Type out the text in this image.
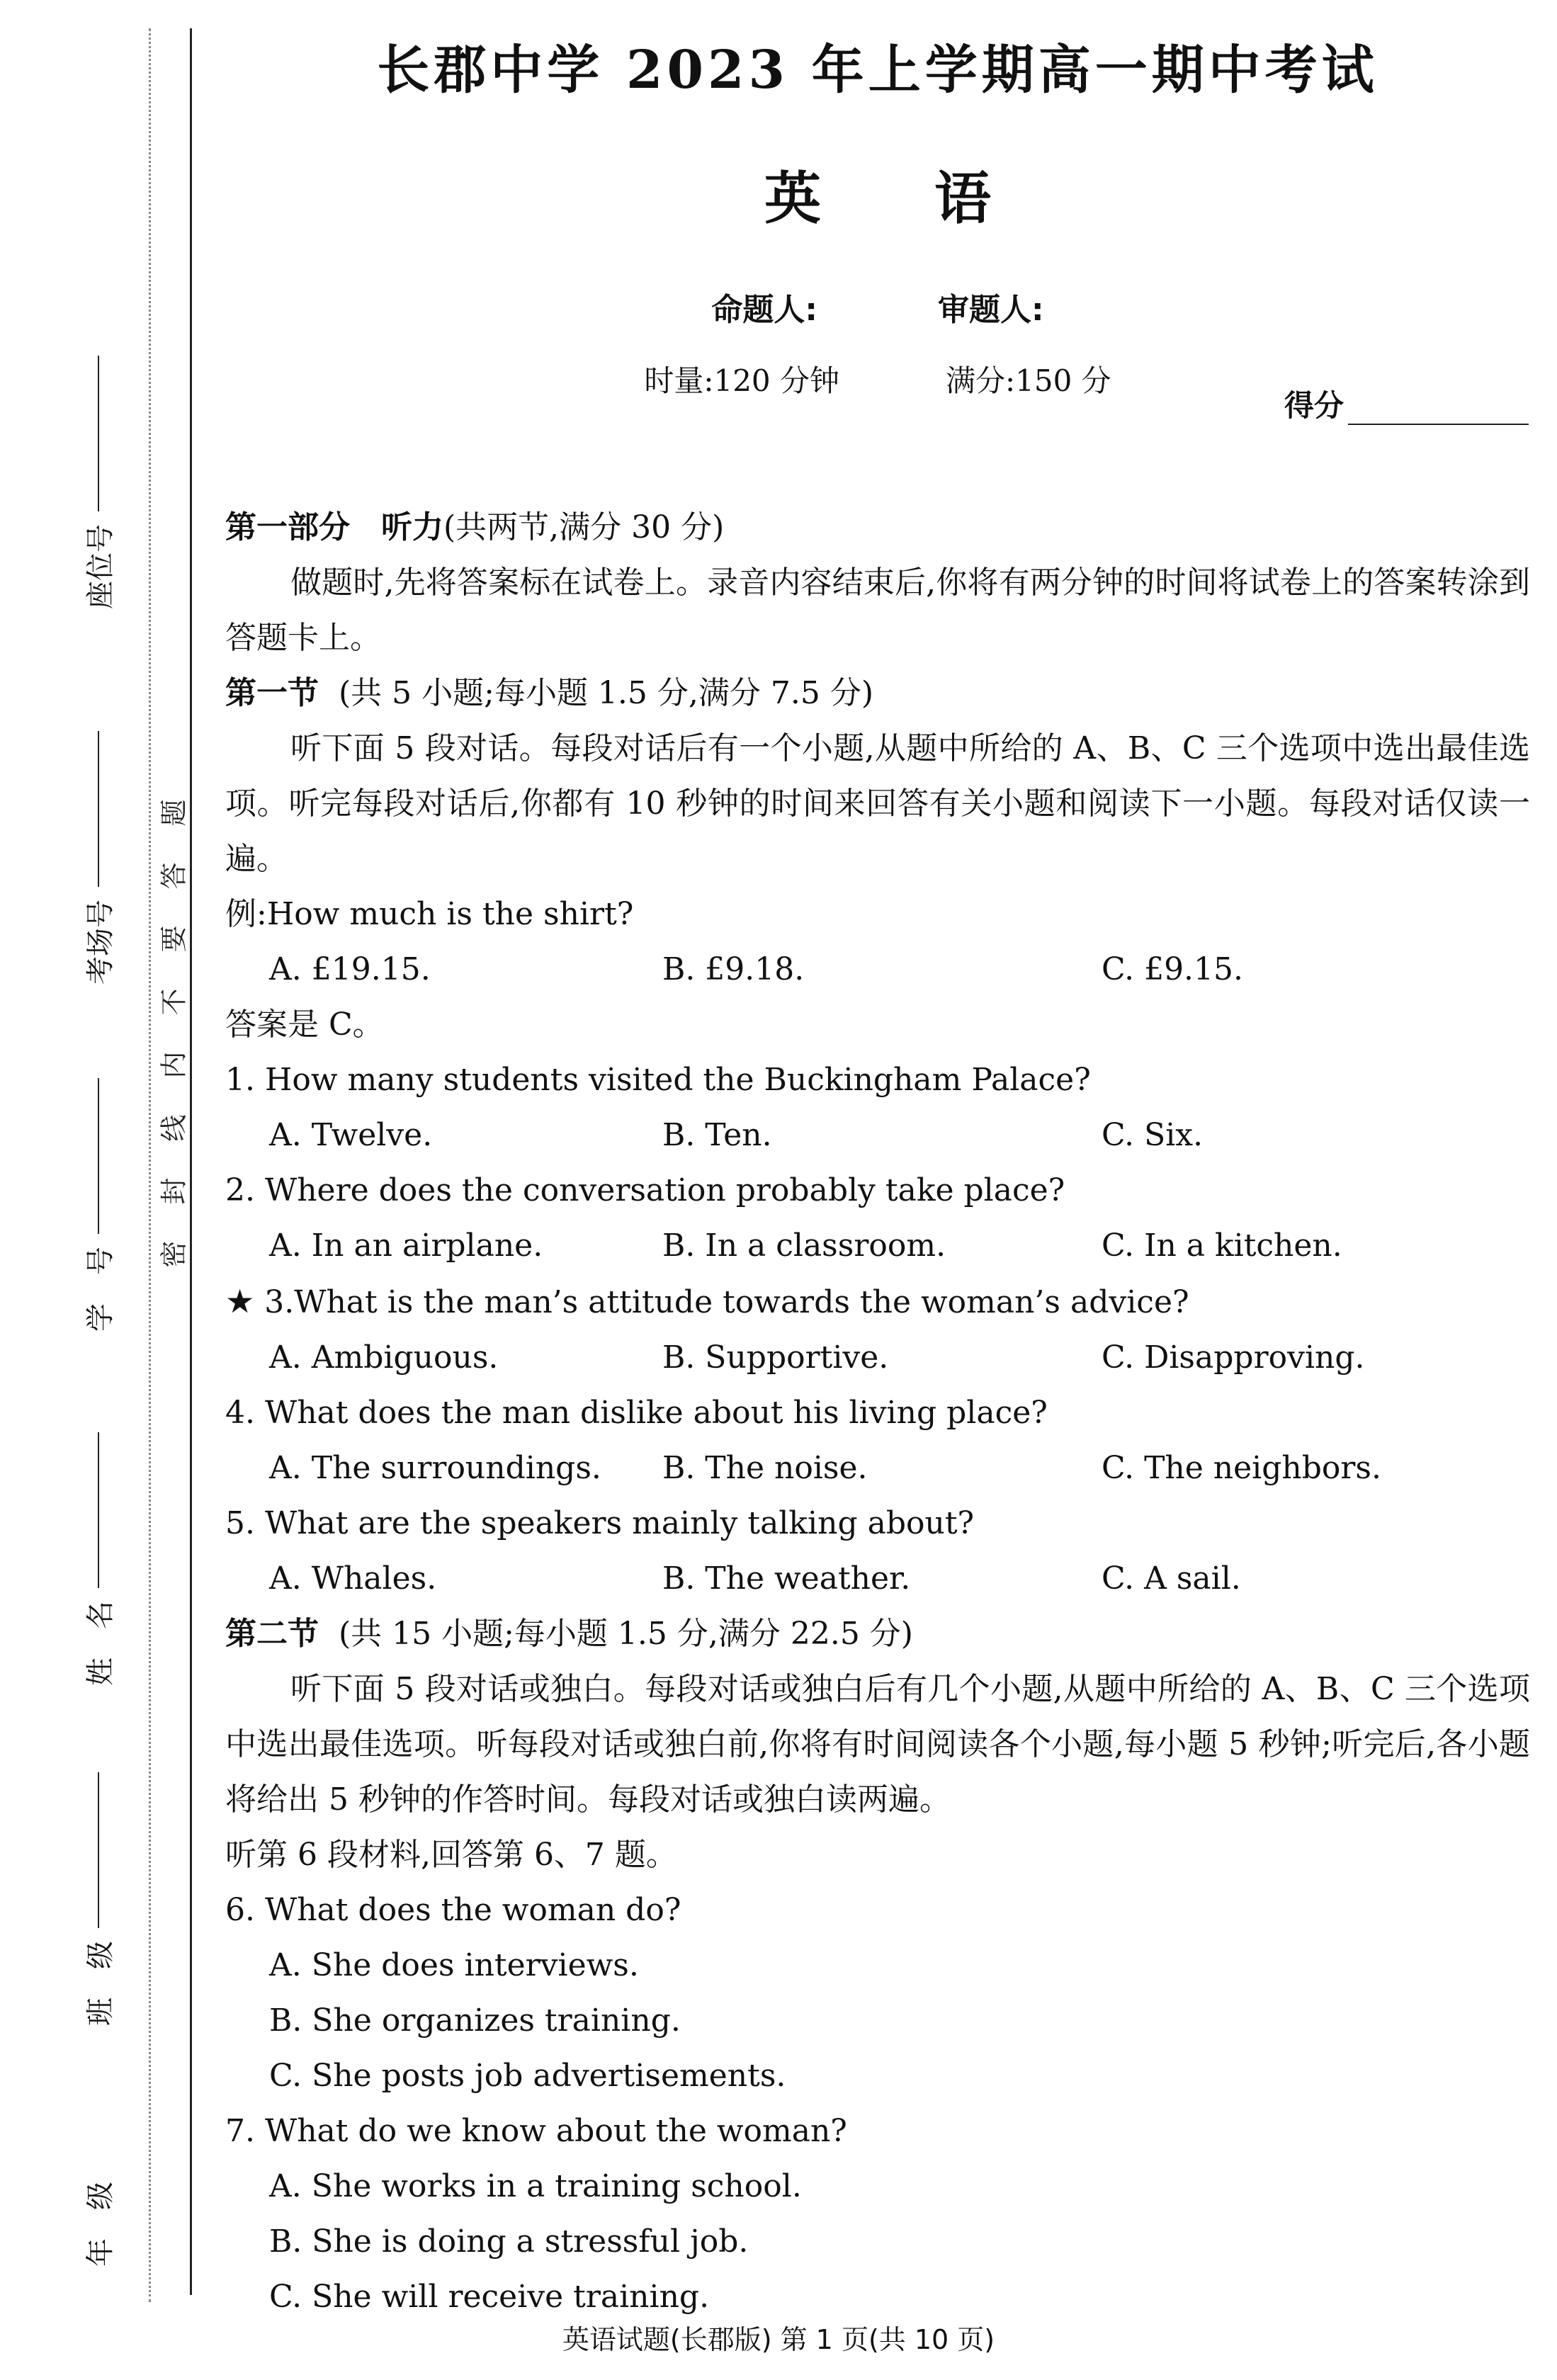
座位号
考场号
学　号
姓　名
班　级
年　级
题
答
要
不
内
线
封
密
长郡中学 2023 年上学期高一期中考试
英语
命题人:	审题人:
时量:120 分钟	满分:150 分
得分

第一部分　听力(共两节,满分 30 分)

做题时,先将答案标在试卷上。录音内容结束后,你将有两分钟的时间将试卷上的答案转涂到答题卡上。

第一节 (共 5 小题;每小题 1.5 分,满分 7.5 分)

听下面 5 段对话。每段对话后有一个小题,从题中所给的 A、B、C 三个选项中选出最佳选项。听完每段对话后,你都有 10 秒钟的时间来回答有关小题和阅读下一小题。每段对话仅读一遍。

例:How much is the shirt?

A. £19.15.	B. £9.18.	C. £9.15.

答案是 C。

1.
How many students visited the Buckingham Palace?
A. Twelve.	B. Ten.	C. Six.
2.
Where does the conversation probably take place?
A. In an airplane.	B. In a classroom.	C. In a kitchen.
★ 3. What is the man’s attitude towards the woman’s advice?
A. Ambiguous.	B. Supportive.	C. Disapproving.
4.
What does the man dislike about his living place?
A. The surroundings.	B. The noise.	C. The neighbors.
5.
What are the speakers mainly talking about?
A. Whales.	B. The weather.	C. A sail.

第二节 (共 15 小题;每小题 1.5 分,满分 22.5 分)

听下面 5 段对话或独白。每段对话或独白后有几个小题,从题中所给的 A、B、C 三个选项中选出最佳选项。听每段对话或独白前,你将有时间阅读各个小题,每小题 5 秒钟;听完后,各小题将给出 5 秒钟的作答时间。每段对话或独白读两遍。

听第 6 段材料,回答第 6、7 题。

6.
What does the woman do?
A. She does interviews.
B. She organizes training.
C. She posts job advertisements.
7.
What do we know about the woman?
A. She works in a training school.
B. She is doing a stressful job.
C. She will receive training.
英语试题(长郡版) 第 1 页(共 10 页)
